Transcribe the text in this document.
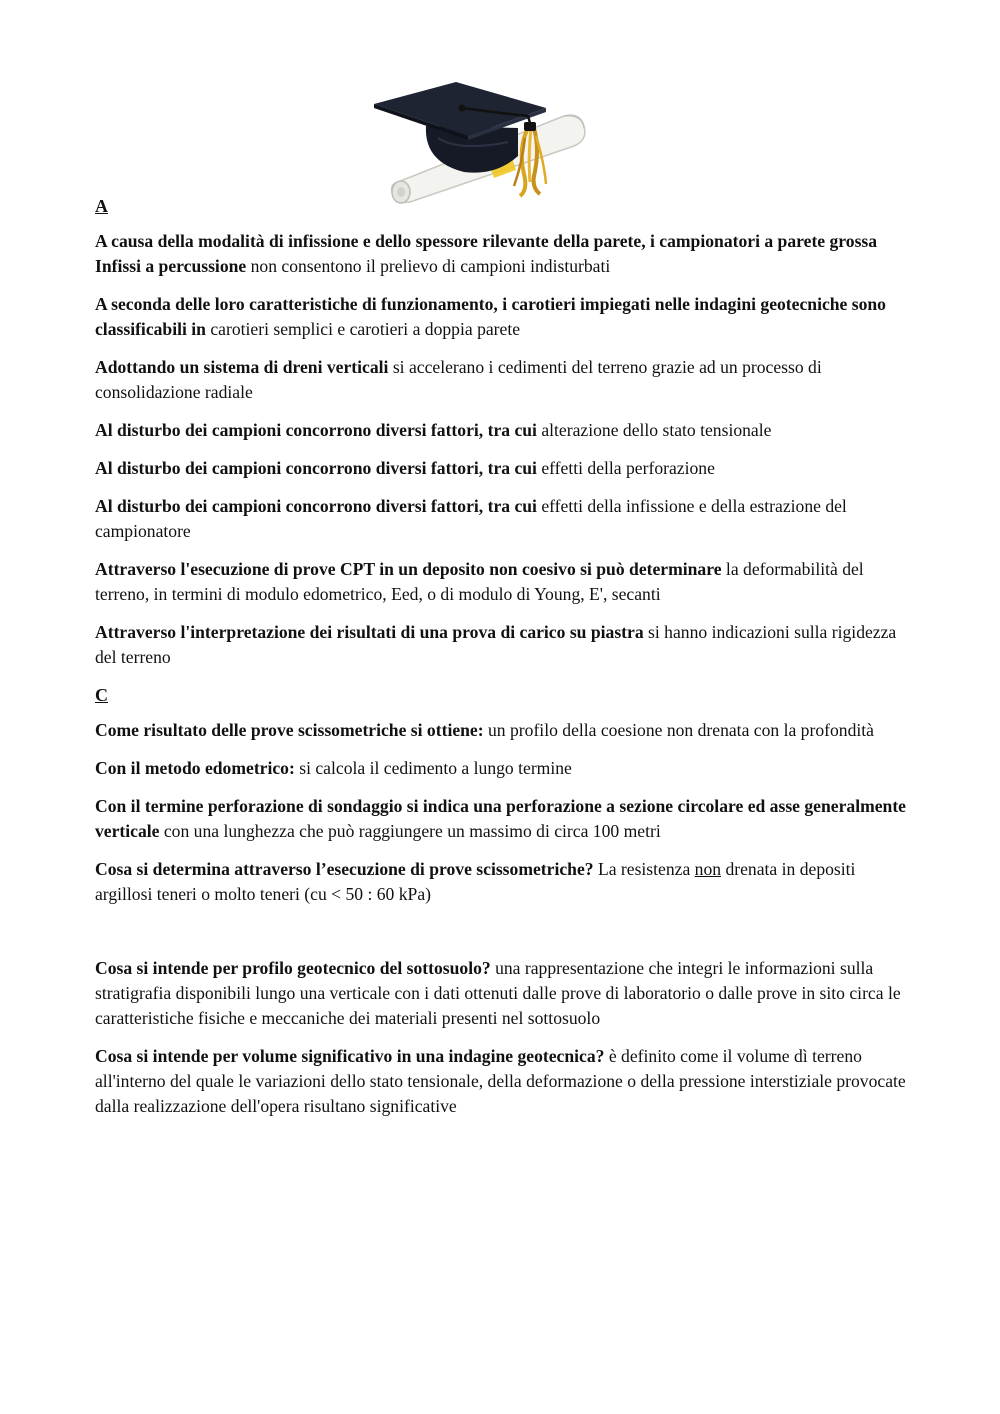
A

A causa della modalità di infissione e dello spessore rilevante della parete, i campionatori a parete grossa Infissi a percussione non consentono il prelievo di campioni indisturbati

A seconda delle loro caratteristiche di funzionamento, i carotieri impiegati nelle indagini geotecniche sono classificabili in carotieri semplici e carotieri a doppia parete

Adottando un sistema di dreni verticali si accelerano i cedimenti del terreno grazie ad un processo di consolidazione radiale

Al disturbo dei campioni concorrono diversi fattori, tra cui alterazione dello stato tensionale

Al disturbo dei campioni concorrono diversi fattori, tra cui effetti della perforazione

Al disturbo dei campioni concorrono diversi fattori, tra cui effetti della infissione e della estrazione del campionatore

Attraverso l'esecuzione di prove CPT in un deposito non coesivo si può determinare la deformabilità del terreno, in termini di modulo edometrico, Eed, o di modulo di Young, E', secanti

Attraverso l'interpretazione dei risultati di una prova di carico su piastra si hanno indicazioni sulla rigidezza del terreno

C

Come risultato delle prove scissometriche si ottiene: un profilo della coesione non drenata con la profondità

Con il metodo edometrico: si calcola il cedimento a lungo termine

Con il termine perforazione di sondaggio si indica una perforazione a sezione circolare ed asse generalmente verticale con una lunghezza che può raggiungere un massimo di circa 100 metri

Cosa si determina attraverso l’esecuzione di prove scissometriche? La resistenza non drenata in depositi argillosi teneri o molto teneri (cu < 50 : 60 kPa)

Cosa si intende per profilo geotecnico del sottosuolo? una rappresentazione che integri le informazioni sulla stratigrafia disponibili lungo una verticale con i dati ottenuti dalle prove di laboratorio o dalle prove in sito circa le caratteristiche fisiche e meccaniche dei materiali presenti nel sottosuolo

Cosa si intende per volume significativo in una indagine geotecnica? è definito come il volume dì terreno all'interno del quale le variazioni dello stato tensionale, della deformazione o della pressione interstiziale provocate dalla realizzazione dell'opera risultano significative
